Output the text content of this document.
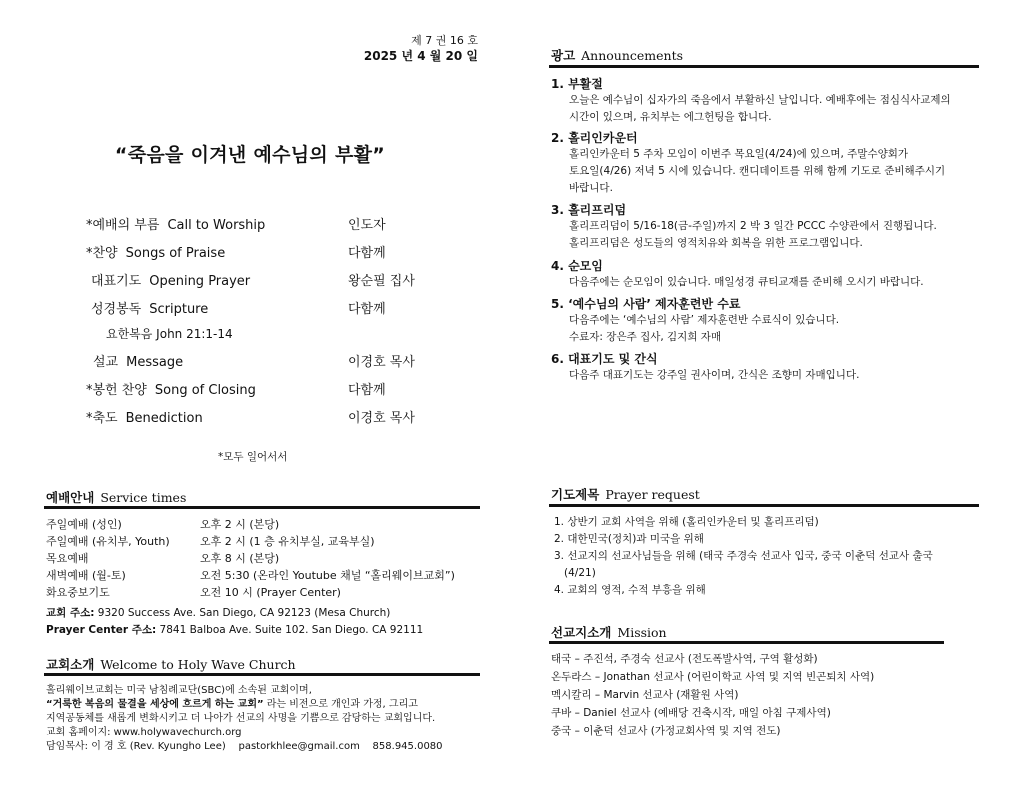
제 7 권 16 호
2025 년 4 월 20 일
“죽음을 이겨낸 예수님의 부활”
*예배의 부름 Call to Worship	인도자
*찬양 Songs of Praise	다함께
대표기도 Opening Prayer	왕순필 집사
성경봉독 Scripture	다함께
요한복음 John 21:1-14
설교 Message	이경호 목사
*봉헌 찬양 Song of Closing	다함께
*축도 Benediction	이경호 목사
*모두 일어서서
예배안내 Service times
주일예배 (성인)	오후 2 시 (본당)
주일예배 (유치부, Youth)	오후 2 시 (1 층 유치부실, 교육부실)
목요예배	오후 8 시 (본당)
새벽예배 (월-토)	오전 5:30 (온라인 Youtube 채널 “홀리웨이브교회”)
화요중보기도	오전 10 시 (Prayer Center)
교회 주소: 9320 Success Ave. San Diego, CA 92123 (Mesa Church)
Prayer Center 주소: 7841 Balboa Ave. Suite 102. San Diego. CA 92111
교회소개 Welcome to Holy Wave Church
홀리웨이브교회는 미국 남침례교단(SBC)에 소속된 교회이며,
“거룩한 복음의 물결을 세상에 흐르게 하는 교회” 라는 비전으로 개인과 가정, 그리고
지역공동체를 새롭게 변화시키고 더 나아가 선교의 사명을 기쁨으로 감당하는 교회입니다.
교회 홈페이지: www.holywavechurch.org
담임목사: 이 경 호 (Rev. Kyungho Lee)    pastorkhlee@gmail.com    858.945.0080
광고 Announcements
1. 부활절
오늘은 예수님이 십자가의 죽음에서 부활하신 날입니다. 예배후에는 점심식사교제의
시간이 있으며, 유치부는 에그헌팅을 합니다.
2. 홀리인카운터
홀리인카운터 5 주차 모임이 이번주 목요일(4/24)에 있으며, 주말수양회가
토요일(4/26) 저녁 5 시에 있습니다. 캔디데이트를 위해 함께 기도로 준비해주시기
바랍니다.
3. 홀리프리덤
홀리프리덤이 5/16-18(금-주일)까지 2 박 3 일간 PCCC 수양관에서 진행됩니다.
홀리프리덤은 성도들의 영적치유와 회복을 위한 프로그램입니다.
4. 순모임
다음주에는 순모임이 있습니다. 매일성경 큐티교재를 준비해 오시기 바랍니다.
5. ‘예수님의 사람’ 제자훈련반 수료
다음주에는 ‘예수님의 사람’ 제자훈련반 수료식이 있습니다.
수료자: 장은주 집사, 김지희 자매
6. 대표기도 및 간식
다음주 대표기도는 강주일 권사이며, 간식은 조향미 자매입니다.
기도제목 Prayer request
1. 상반기 교회 사역을 위해 (홀리인카운터 및 홀리프리덤)
2. 대한민국(정치)과 미국을 위해
3. 선교지의 선교사님들을 위해 (태국 주경숙 선교사 입국, 중국 이춘덕 선교사 출국
(4/21)
4. 교회의 영적, 수적 부흥을 위해
선교지소개 Mission
태국 – 주진석, 주경숙 선교사 (전도폭발사역, 구역 활성화)
온두라스 – Jonathan 선교사 (어린이학교 사역 및 지역 빈곤퇴치 사역)
멕시칼리 – Marvin 선교사 (재활원 사역)
쿠바 – Daniel 선교사 (예배당 건축시작, 매일 아침 구제사역)
중국 – 이춘덕 선교사 (가정교회사역 및 지역 전도)
